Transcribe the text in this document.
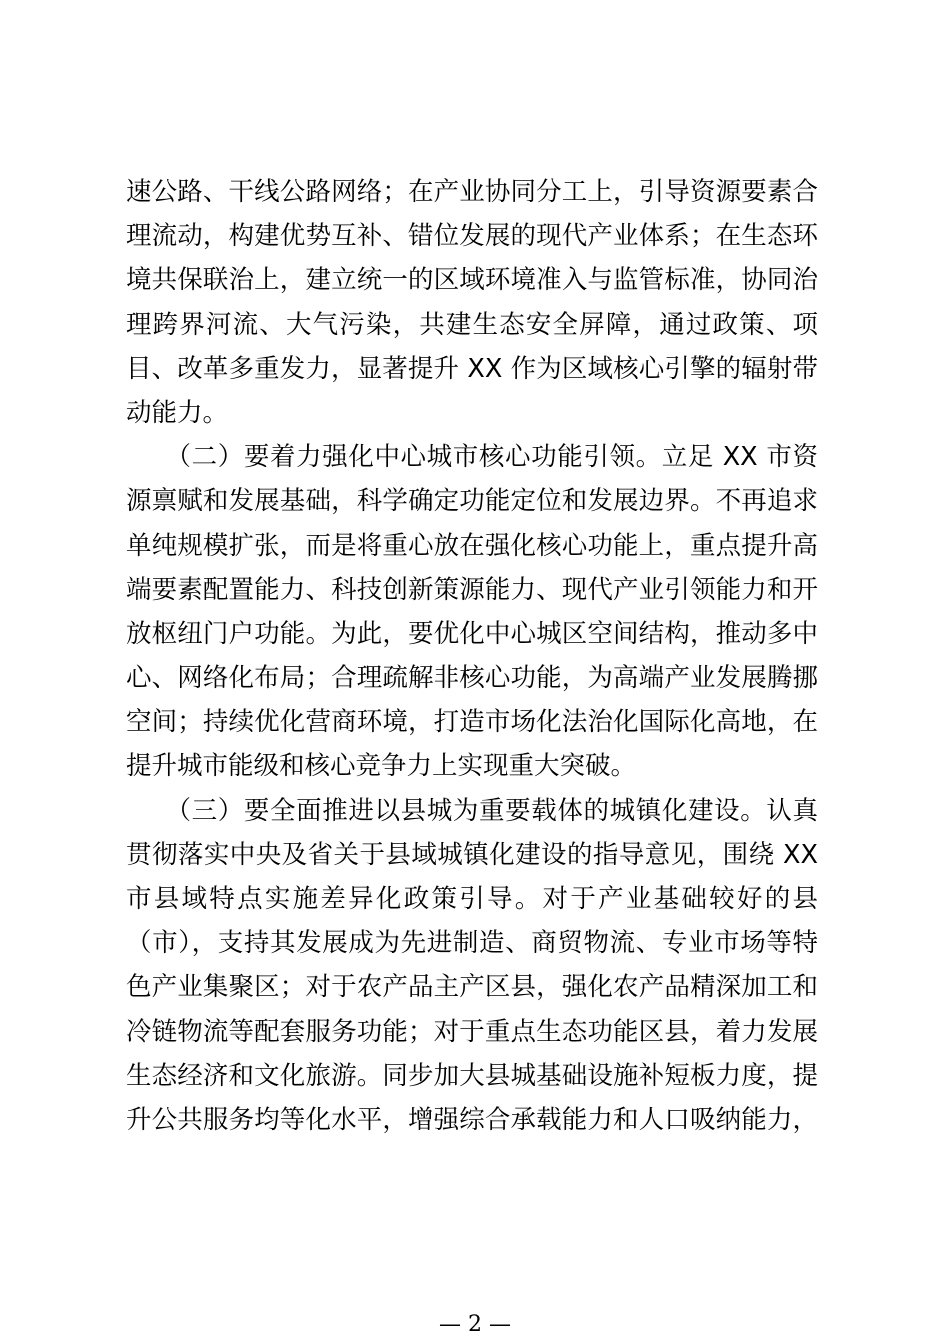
速公路、干线公路网络；在产业协同分工上，引导资源要素合
理流动，构建优势互补、错位发展的现代产业体系；在生态环
境共保联治上，建立统一的区域环境准入与监管标准，协同治
理跨界河流、大气污染，共建生态安全屏障，通过政策、项
目、改革多重发力，显著提升 XX 作为区域核心引擎的辐射带
动能力。
　　（二）要着力强化中心城市核心功能引领。立足 XX 市资
源禀赋和发展基础，科学确定功能定位和发展边界。不再追求
单纯规模扩张，而是将重心放在强化核心功能上，重点提升高
端要素配置能力、科技创新策源能力、现代产业引领能力和开
放枢纽门户功能。为此，要优化中心城区空间结构，推动多中
心、网络化布局；合理疏解非核心功能，为高端产业发展腾挪
空间；持续优化营商环境，打造市场化法治化国际化高地，在
提升城市能级和核心竞争力上实现重大突破。
　　（三）要全面推进以县城为重要载体的城镇化建设。认真
贯彻落实中央及省关于县域城镇化建设的指导意见，围绕 XX
市县域特点实施差异化政策引导。对于产业基础较好的县
（市），支持其发展成为先进制造、商贸物流、专业市场等特
色产业集聚区；对于农产品主产区县，强化农产品精深加工和
冷链物流等配套服务功能；对于重点生态功能区县，着力发展
生态经济和文化旅游。同步加大县城基础设施补短板力度，提
升公共服务均等化水平，增强综合承载能力和人口吸纳能力，
— 2 —
